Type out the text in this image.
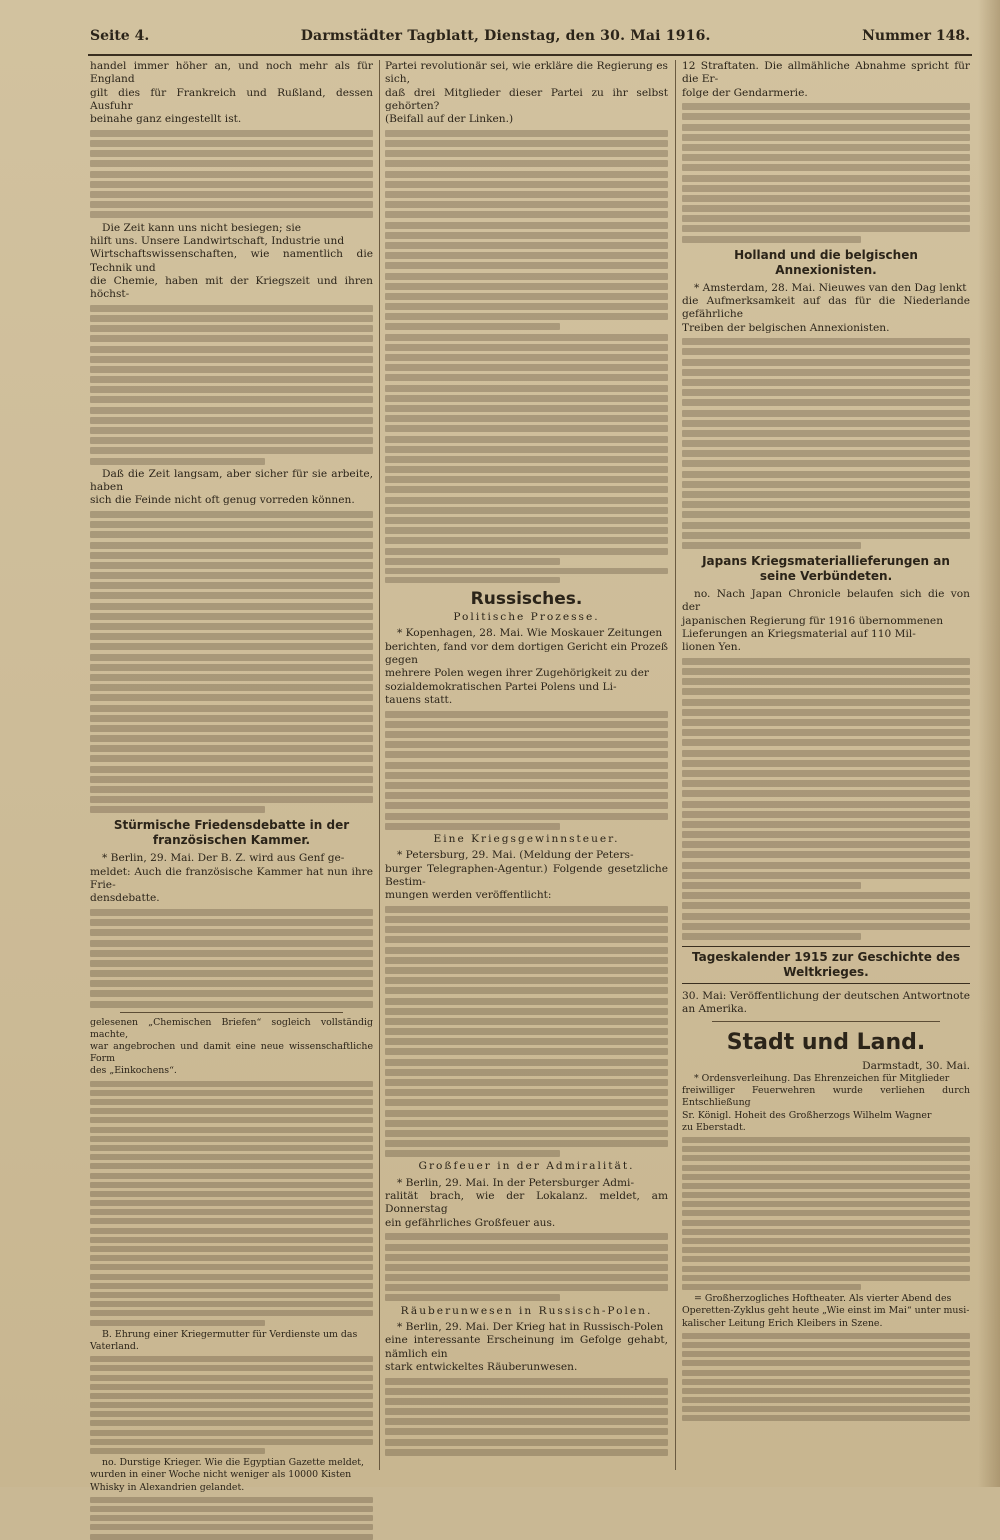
Seite 4.	Darmstädter Tagblatt, Dienstag, den 30. Mai 1916.	Nummer 148.

handel immer höher an, und noch mehr als für England

gilt dies für Frankreich und Rußland, dessen Ausfuhr

beinahe ganz eingestellt ist.

Die Zeit kann uns nicht besiegen; sie

hilft uns. Unsere Landwirtschaft, Industrie und

Wirtschaftswissenschaften, wie namentlich die Technik und

die Chemie, haben mit der Kriegszeit und ihren höchst-

Daß die Zeit langsam, aber sicher für sie arbeite, haben

sich die Feinde nicht oft genug vorreden können.

Stürmische Friedensdebatte in der französischen Kammer.

* Berlin, 29. Mai. Der B. Z. wird aus Genf ge-

meldet: Auch die französische Kammer hat nun ihre Frie-

densdebatte.

gelesenen „Chemischen Briefen“ sogleich vollständig machte,

war angebrochen und damit eine neue wissenschaftliche Form

des „Einkochens“.

B. Ehrung einer Kriegermutter für Verdienste um das

Vaterland.

no. Durstige Krieger. Wie die Egyptian Gazette meldet,

wurden in einer Woche nicht weniger als 10000 Kisten

Whisky in Alexandrien gelandet.

Partei revolutionär sei, wie erkläre die Regierung es sich,

daß drei Mitglieder dieser Partei zu ihr selbst gehörten?

(Beifall auf der Linken.)

Russisches.
Politische Prozesse.

* Kopenhagen, 28. Mai. Wie Moskauer Zeitungen

berichten, fand vor dem dortigen Gericht ein Prozeß gegen

mehrere Polen wegen ihrer Zugehörigkeit zu der

sozialdemokratischen Partei Polens und Li-

tauens statt.

Eine Kriegsgewinnsteuer.

* Petersburg, 29. Mai. (Meldung der Peters-

burger Telegraphen-Agentur.) Folgende gesetzliche Bestim-

mungen werden veröffentlicht:

Großfeuer in der Admiralität.

* Berlin, 29. Mai. In der Petersburger Admi-

ralität brach, wie der Lokalanz. meldet, am Donnerstag

ein gefährliches Großfeuer aus.

Räuberunwesen in Russisch-Polen.

* Berlin, 29. Mai. Der Krieg hat in Russisch-Polen

eine interessante Erscheinung im Gefolge gehabt, nämlich ein

stark entwickeltes Räuberunwesen.

12 Straftaten. Die allmähliche Abnahme spricht für die Er-

folge der Gendarmerie.

Holland und die belgischen Annexionisten.

* Amsterdam, 28. Mai. Nieuwes van den Dag lenkt

die Aufmerksamkeit auf das für die Niederlande gefährliche

Treiben der belgischen Annexionisten.

Japans Kriegsmateriallieferungen an seine Verbündeten.

no. Nach Japan Chronicle belaufen sich die von der

japanischen Regierung für 1916 übernommenen

Lieferungen an Kriegsmaterial auf 110 Mil-

lionen Yen.

Tageskalender 1915 zur Geschichte des Weltkrieges.

30. Mai: Veröffentlichung der deutschen Antwortnote an Amerika.

Stadt und Land.

Darmstadt, 30. Mai.

* Ordensverleihung. Das Ehrenzeichen für Mitglieder

freiwilliger Feuerwehren wurde verliehen durch Entschließung

Sr. Königl. Hoheit des Großherzogs Wilhelm Wagner

zu Eberstadt.

= Großherzogliches Hoftheater. Als vierter Abend des

Operetten-Zyklus geht heute „Wie einst im Mai“ unter musi-

kalischer Leitung Erich Kleibers in Szene.
